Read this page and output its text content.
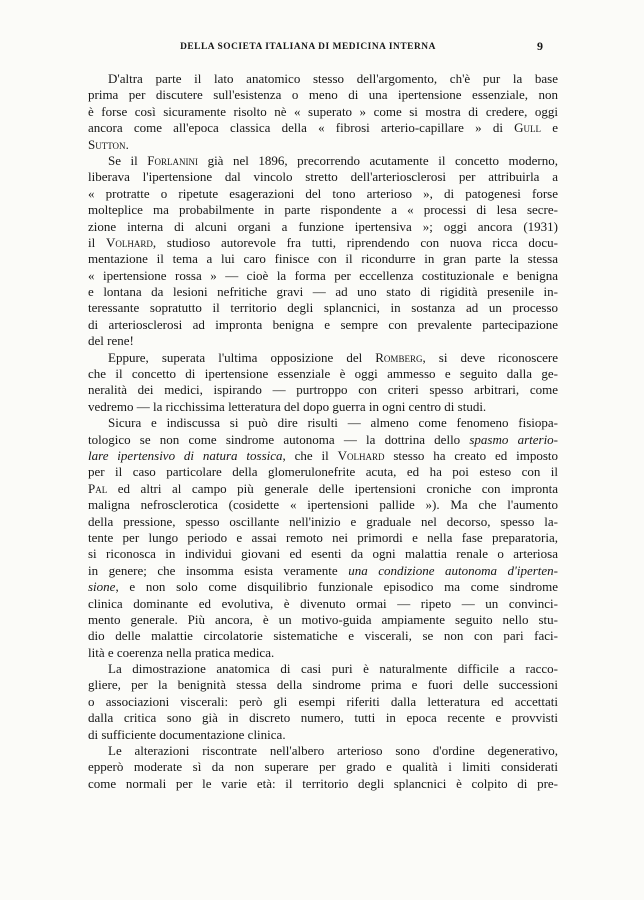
DELLA SOCIETA ITALIANA DI MEDICINA INTERNA	9
D'altra parte il lato anatomico stesso dell'argomento, ch'è pur la base
prima per discutere sull'esistenza o meno di una ipertensione essenziale, non
è forse così sicuramente risolto nè « superato » come si mostra di credere, oggi
ancora come all'epoca classica della « fibrosi arterio-capillare » di Gull e
Sutton.
Se il Forlanini già nel 1896, precorrendo acutamente il concetto moderno,
liberava l'ipertensione dal vincolo stretto dell'arteriosclerosi per attribuirla a
« protratte o ripetute esagerazioni del tono arterioso », di patogenesi forse
molteplice ma probabilmente in parte rispondente a « processi di lesa secre-
zione interna di alcuni organi a funzione ipertensiva »; oggi ancora (1931)
il Volhard, studioso autorevole fra tutti, riprendendo con nuova ricca docu-
mentazione il tema a lui caro finisce con il ricondurre in gran parte la stessa
« ipertensione rossa » — cioè la forma per eccellenza costituzionale e benigna
e lontana da lesioni nefritiche gravi — ad uno stato di rigidità presenile in-
teressante sopratutto il territorio degli splancnici, in sostanza ad un processo
di arteriosclerosi ad impronta benigna e sempre con prevalente partecipazione
del rene!
Eppure, superata l'ultima opposizione del Romberg, si deve riconoscere
che il concetto di ipertensione essenziale è oggi ammesso e seguito dalla ge-
neralità dei medici, ispirando — purtroppo con criteri spesso arbitrari, come
vedremo — la ricchissima letteratura del dopo guerra in ogni centro di studi.
Sicura e indiscussa si può dire risulti — almeno come fenomeno fisiopa-
tologico se non come sindrome autonoma — la dottrina dello spasmo arterio-
lare ipertensivo di natura tossica, che il Volhard stesso ha creato ed imposto
per il caso particolare della glomerulonefrite acuta, ed ha poi esteso con il
Pal ed altri al campo più generale delle ipertensioni croniche con impronta
maligna nefrosclerotica (cosidette « ipertensioni pallide »). Ma che l'aumento
della pressione, spesso oscillante nell'inizio e graduale nel decorso, spesso la-
tente per lungo periodo e assai remoto nei primordi e nella fase preparatoria,
si riconosca in individui giovani ed esenti da ogni malattia renale o arteriosa
in genere; che insomma esista veramente una condizione autonoma d'iperten-
sione, e non solo come disquilibrio funzionale episodico ma come sindrome
clinica dominante ed evolutiva, è divenuto ormai — ripeto — un convinci-
mento generale. Più ancora, è un motivo-guida ampiamente seguito nello stu-
dio delle malattie circolatorie sistematiche e viscerali, se non con pari faci-
lità e coerenza nella pratica medica.
La dimostrazione anatomica di casi puri è naturalmente difficile a racco-
gliere, per la benignità stessa della sindrome prima e fuori delle successioni
o associazioni viscerali: però gli esempi riferiti dalla letteratura ed accettati
dalla critica sono già in discreto numero, tutti in epoca recente e provvisti
di sufficiente documentazione clinica.
Le alterazioni riscontrate nell'albero arterioso sono d'ordine degenerativo,
epperò moderate sì da non superare per grado e qualità i limiti considerati
come normali per le varie età: il territorio degli splancnici è colpito di pre-
